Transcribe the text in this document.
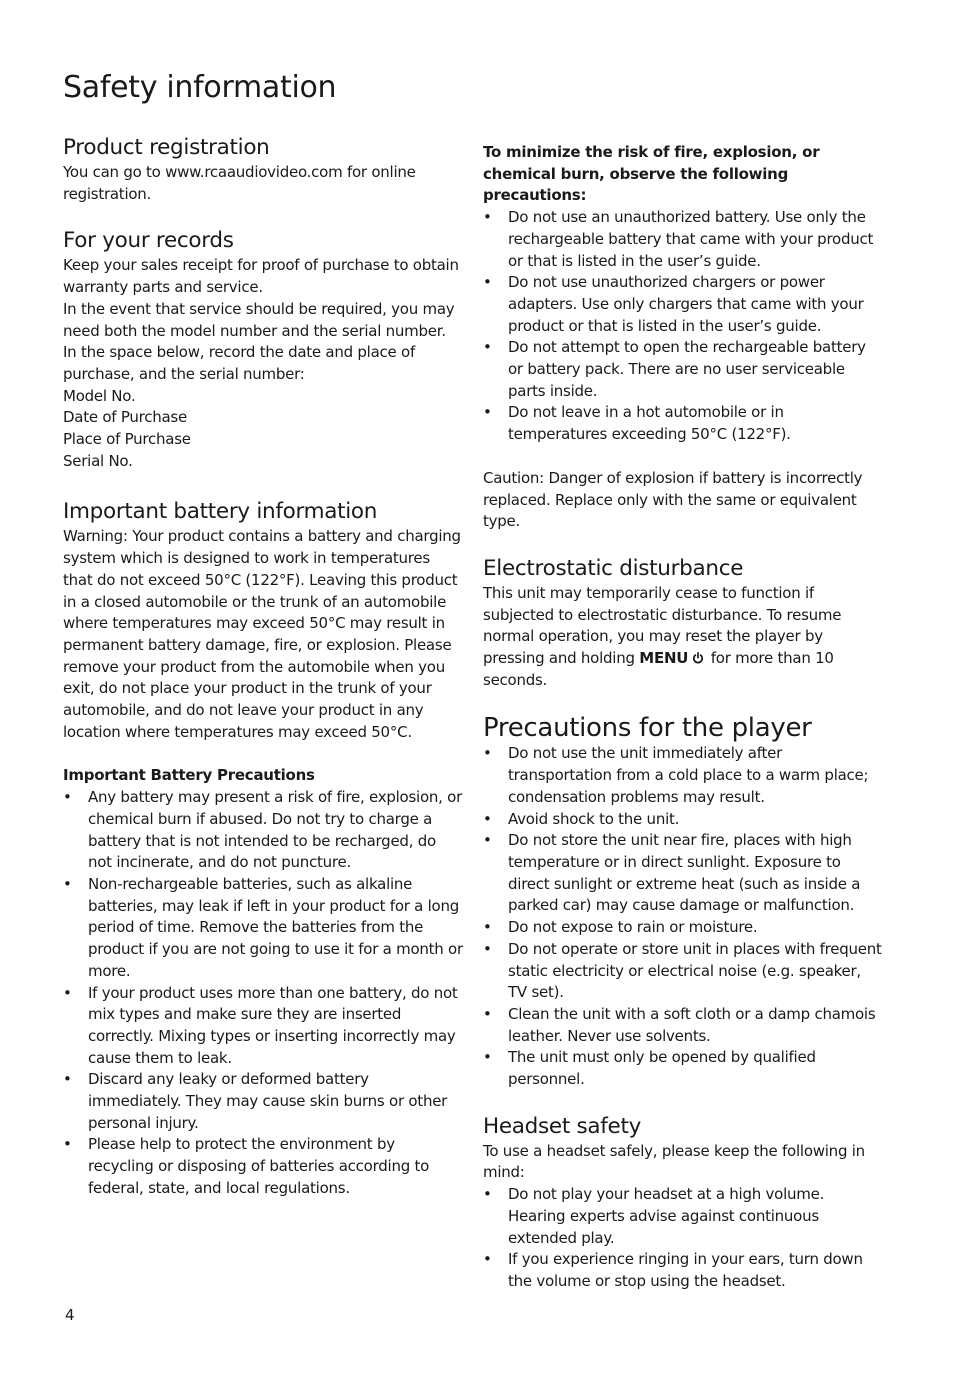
Safety information
Product registration

You can go to www.rcaaudiovideo.com for online registration.

For your records

Keep your sales receipt for proof of purchase to obtain warranty parts and service.

In the event that service should be required, you may need both the model number and the serial number. In the space below, record the date and place of purchase, and the serial number:

Model No.

Date of Purchase

Place of Purchase

Serial No.

Important battery information

Warning: Your product contains a battery and charging system which is designed to work in temperatures that do not exceed 50°C (122°F). Leaving this product in a closed automobile or the trunk of an automobile where temperatures may exceed 50°C may result in permanent battery damage, fire, or explosion. Please remove your product from the automobile when you exit, do not place your product in the trunk of your automobile, and do not leave your product in any location where temperatures may exceed 50°C.

Important Battery Precautions

• Any battery may present a risk of fire, explosion, or chemical burn if abused. Do not try to charge a battery that is not intended to be recharged, do not incinerate, and do not puncture.
• Non-rechargeable batteries, such as alkaline batteries, may leak if left in your product for a long period of time. Remove the batteries from the product if you are not going to use it for a month or more.
• If your product uses more than one battery, do not mix types and make sure they are inserted correctly. Mixing types or inserting incorrectly may cause them to leak.
• Discard any leaky or deformed battery immediately. They may cause skin burns or other personal injury.
• Please help to protect the environment by recycling or disposing of batteries according to federal, state, and local regulations.

To minimize the risk of fire, explosion, or chemical burn, observe the following precautions:

• Do not use an unauthorized battery. Use only the rechargeable battery that came with your product or that is listed in the user’s guide.
• Do not use unauthorized chargers or power adapters. Use only chargers that came with your product or that is listed in the user’s guide.
• Do not attempt to open the rechargeable battery or battery pack. There are no user serviceable parts inside.
• Do not leave in a hot automobile or in temperatures exceeding 50°C (122°F).

Caution: Danger of explosion if battery is incorrectly replaced. Replace only with the same or equivalent type.

Electrostatic disturbance

This unit may temporarily cease to function if subjected to electrostatic disturbance. To resume normal operation, you may reset the player by pressing and holding MENU for more than 10 seconds.

Precautions for the player
• Do not use the unit immediately after transportation from a cold place to a warm place; condensation problems may result.
• Avoid shock to the unit.
• Do not store the unit near fire, places with high temperature or in direct sunlight. Exposure to direct sunlight or extreme heat (such as inside a parked car) may cause damage or malfunction.
• Do not expose to rain or moisture.
• Do not operate or store unit in places with frequent static electricity or electrical noise (e.g. speaker, TV set).
• Clean the unit with a soft cloth or a damp chamois leather. Never use solvents.
• The unit must only be opened by qualified personnel.
Headset safety

To use a headset safely, please keep the following in mind:

• Do not play your headset at a high volume. Hearing experts advise against continuous extended play.
• If you experience ringing in your ears, turn down the volume or stop using the headset.
4
